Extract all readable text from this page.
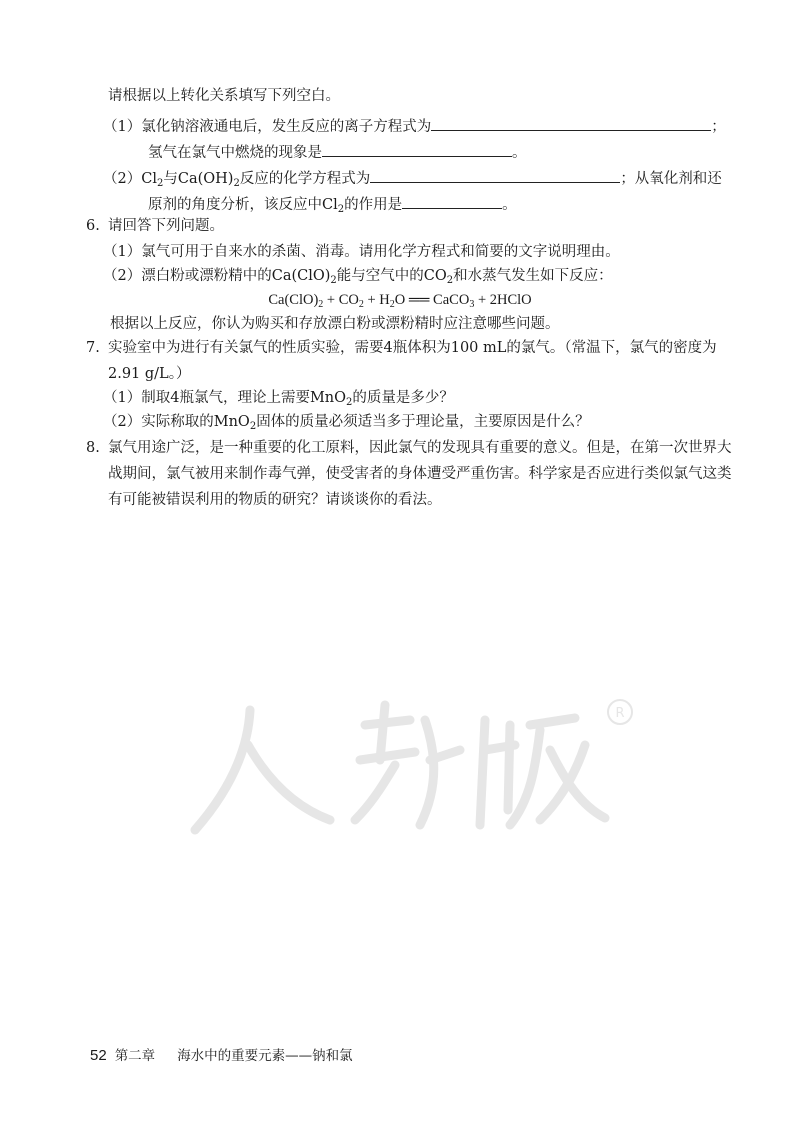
请根据以上转化关系填写下列空白。
（1）氯化钠溶液通电后，发生反应的离子方程式为	；
氢气在氯气中燃烧的现象是	。
$(2)Cl_2$与$Ca(OH)_2$反应的化学方程式为	；从氧化剂和还
原剂的角度分析，该反应中$Cl_2$的作用是	。
6. 请回答下列问题。
（1）氯气可用于自来水的杀菌、消毒。请用化学方程式和简要的文字说明理由。
（2）漂白粉或漂粉精中的$Ca(ClO)_2$能与空气中的$CO_2$和水蒸气发生如下反应：
$Ca(ClO)_2 + CO_2 + H_2O$ ══ CaCO$_3$ + 2HClO
根据以上反应，你认为购买和存放漂白粉或漂粉精时应注意哪些问题。
7. 实验室中为进行有关氯气的性质实验，需要4瓶体积为100 mL的氯气。（常温下，氯气的密度为
2.91 g/L。）
（1）制取4瓶氯气，理论上需要MnO$_2$的质量是多少？
（2）实际称取的MnO$_2$固体的质量必须适当多于理论量，主要原因是什么？
8. 氯气用途广泛，是一种重要的化工原料，因此氯气的发现具有重要的意义。但是，在第一次世界大
战期间，氯气被用来制作毒气弹，使受害者的身体遭受严重伤害。科学家是否应进行类似氯气这类
有可能被错误利用的物质的研究？请谈谈你的看法。
R
52 第二章 海水中的重要元素——钠和氯
